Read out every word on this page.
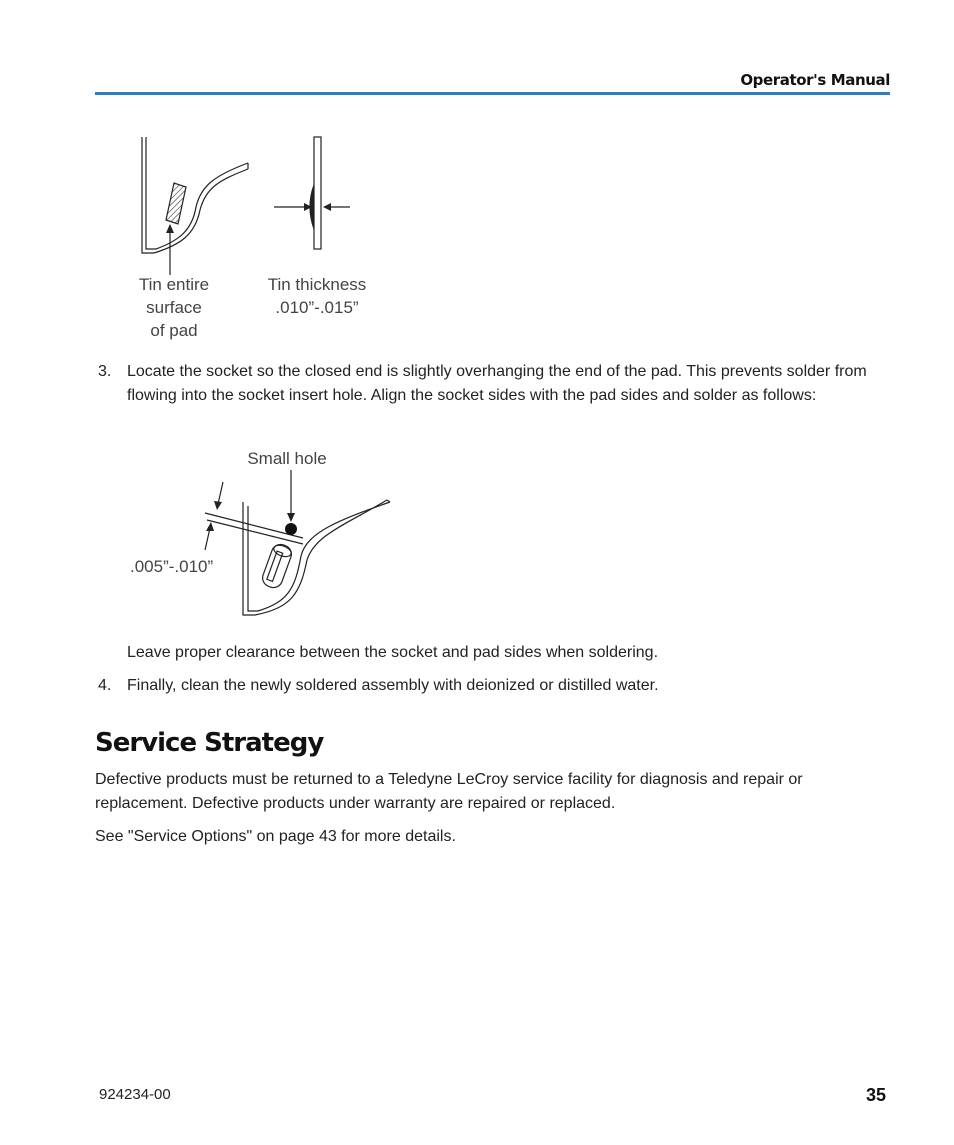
Operator's Manual
Tin entire
surface
of pad
Tin thickness
.010”-.015”
3. Locate the socket so the closed end is slightly overhanging the end of the pad. This prevents solder from flowing into the socket insert hole. Align the socket sides with the pad sides and solder as follows:
Small hole
.005”-.010”
Leave proper clearance between the socket and pad sides when soldering.
4. Finally, clean the newly soldered assembly with deionized or distilled water.
Service Strategy
Defective products must be returned to a Teledyne LeCroy service facility for diagnosis and repair or replacement. Defective products under warranty are repaired or replaced.
See "Service Options" on page 43 for more details.
924234-00	35
